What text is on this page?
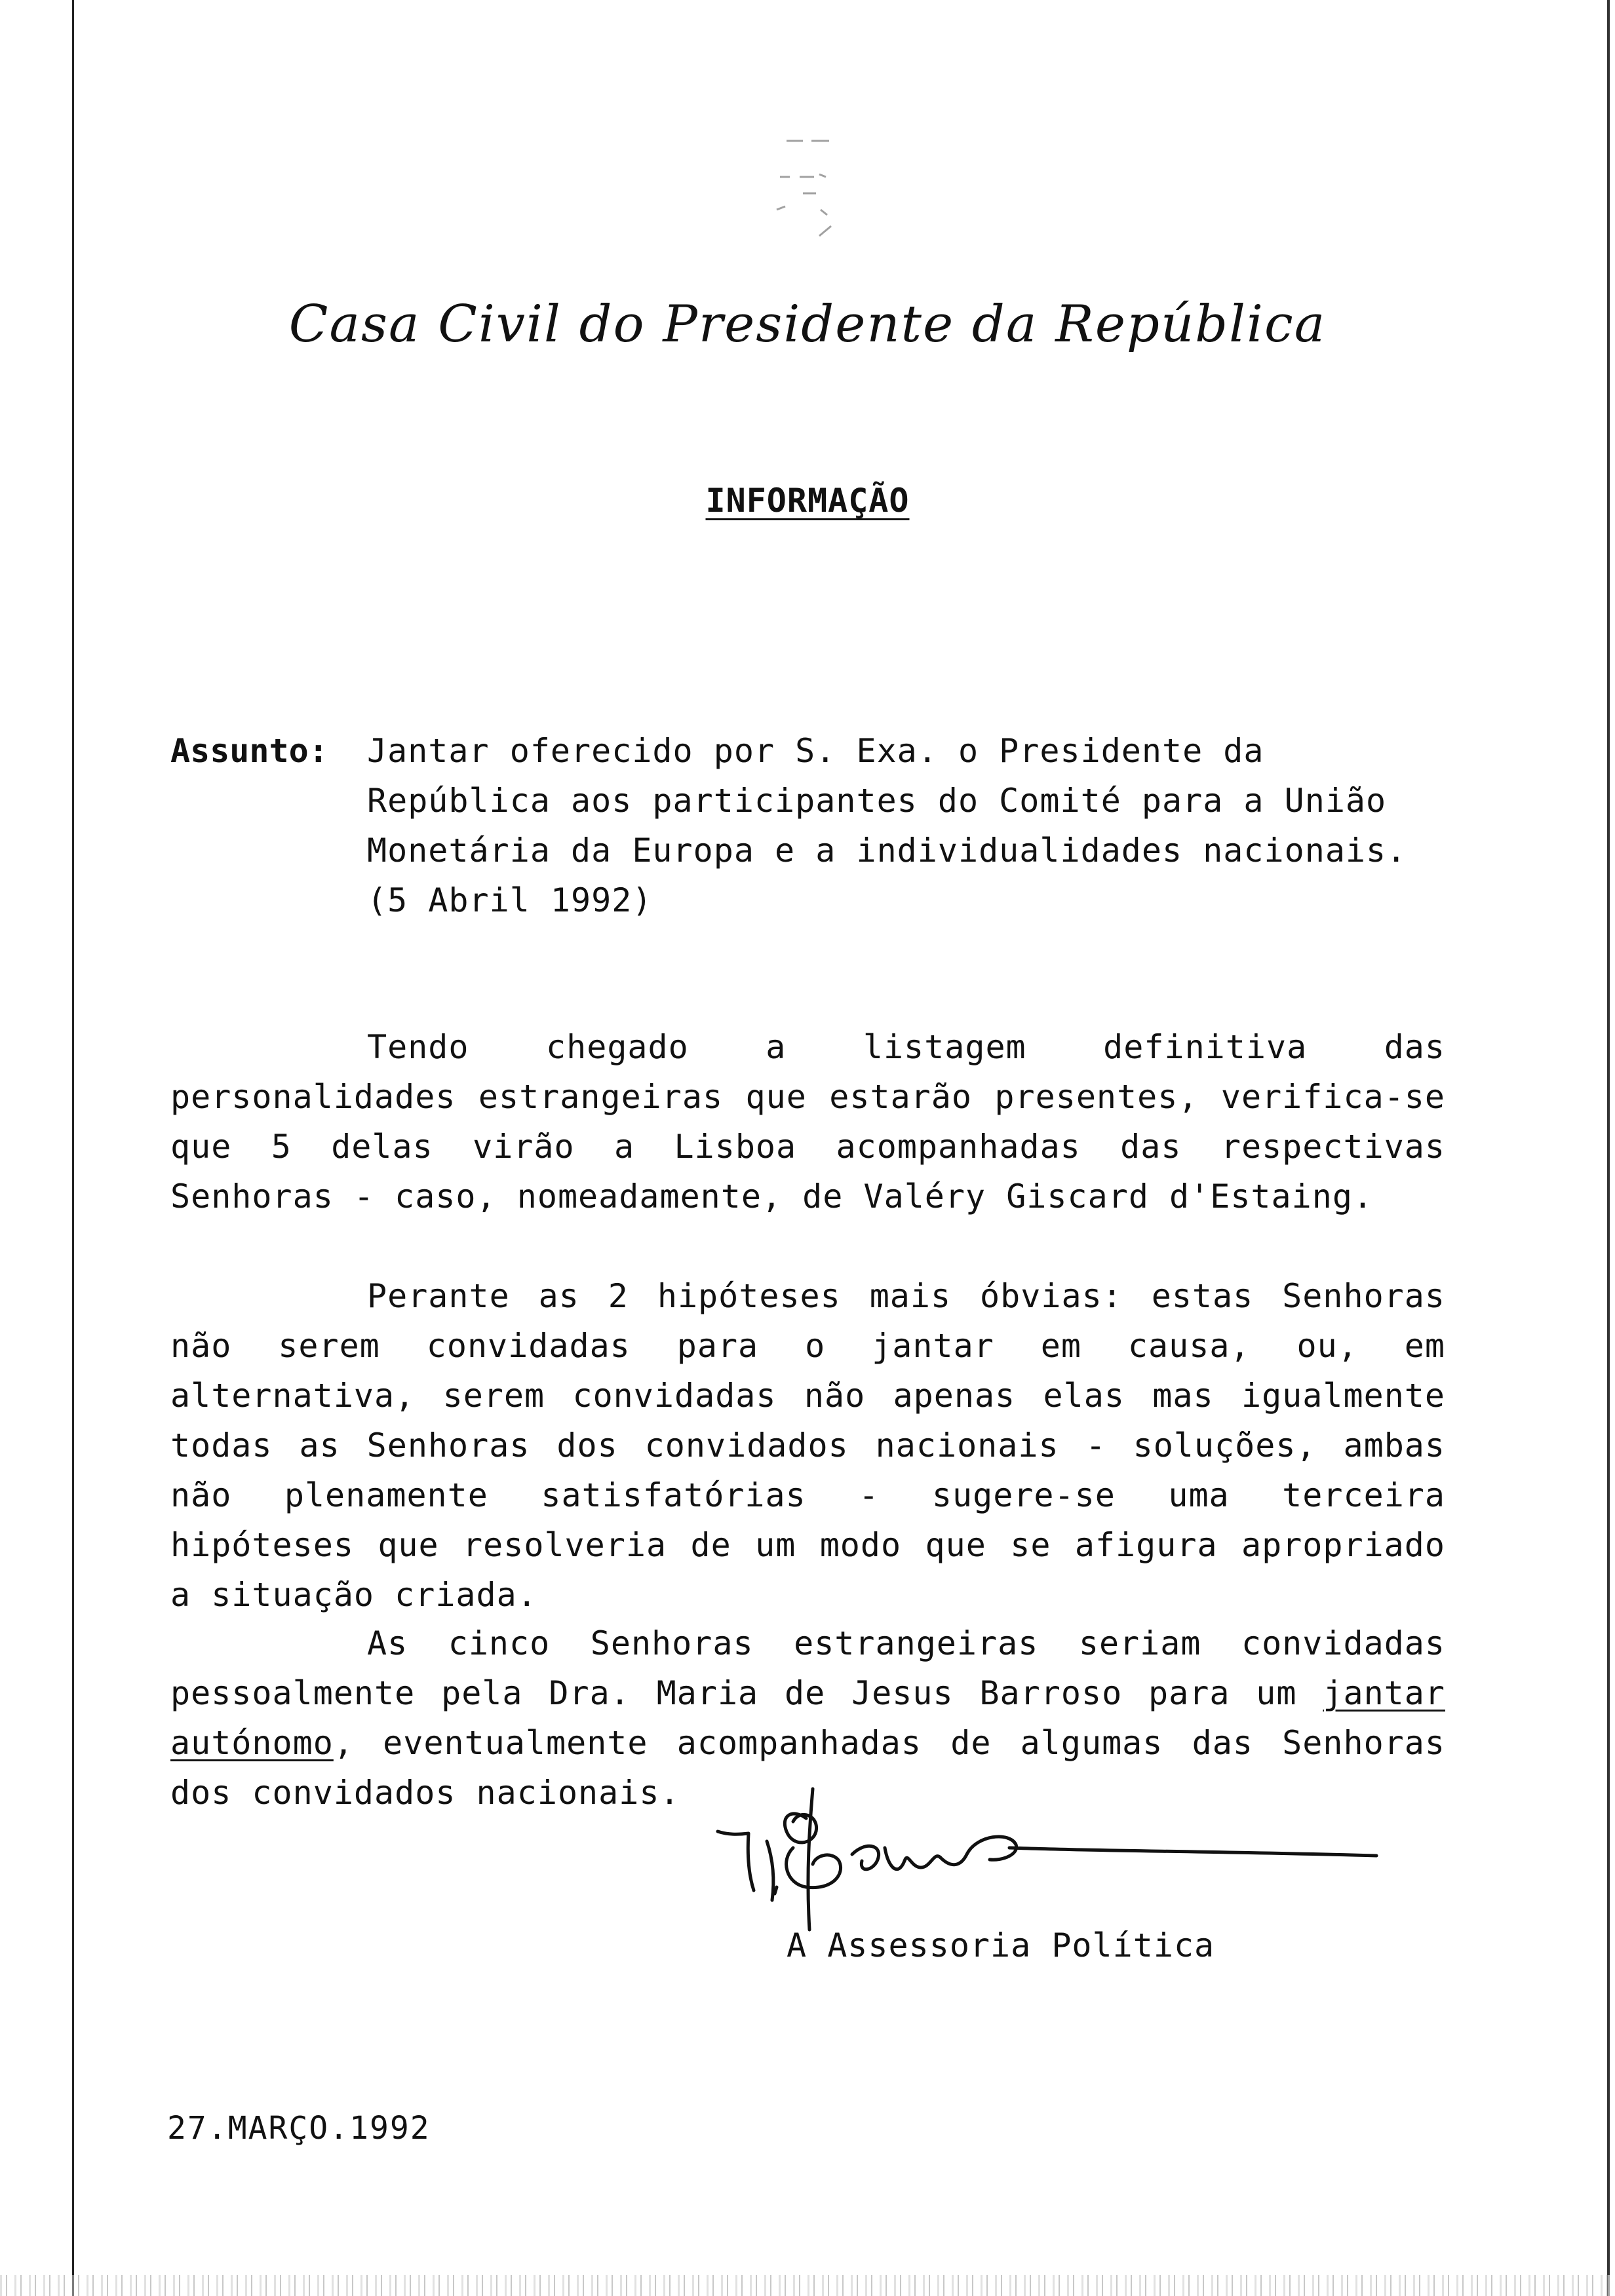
Casa Civil do Presidente da República
INFORMAÇÃO
Assunto: Jantar oferecido por S. Exa. o Presidente da República aos participantes do Comité para a União Monetária da Europa e a individualidades nacionais. (5 Abril 1992)
Tendo chegado a listagem definitiva das personalidades estrangeiras que estarão presentes, verifica-se que 5 delas virão a Lisboa acompanhadas das respectivas Senhoras - caso, nomeadamente, de Valéry Giscard d'Estaing.
Perante as 2 hipóteses mais óbvias: estas Senhoras não serem convidadas para o jantar em causa, ou, em alternativa, serem convidadas não apenas elas mas igualmente todas as Senhoras dos convidados nacionais - soluções, ambas não plenamente satisfatórias - sugere-se uma terceira hipóteses que resolveria de um modo que se afigura apropriado a situação criada.
As cinco Senhoras estrangeiras seriam convidadas pessoalmente pela Dra. Maria de Jesus Barroso para um jantar autónomo, eventualmente acompanhadas de algumas das Senhoras dos convidados nacionais.
A Assessoria Política
27.MARÇO.1992
